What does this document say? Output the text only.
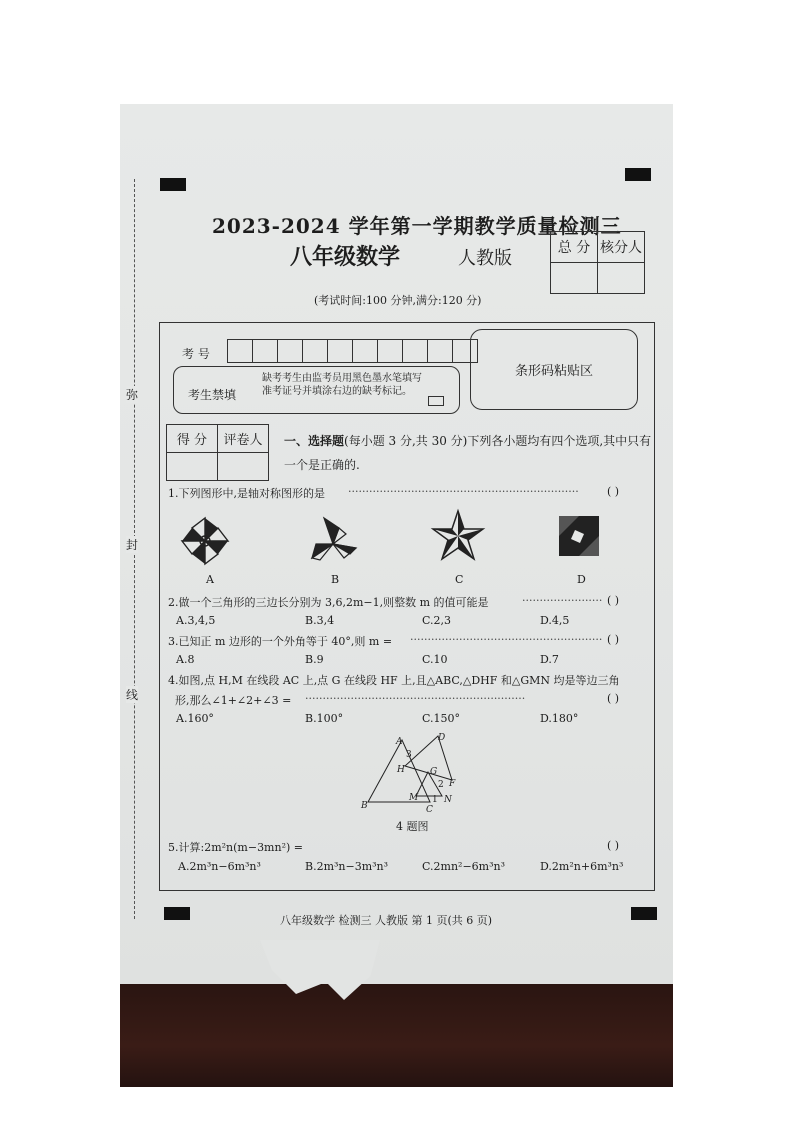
弥
封
线
2023-2024 学年第一学期教学质量检测三
八年级数学	人教版
(考试时间:100 分钟,满分:120 分)
总 分	核分人

考 号
条形码粘贴区
考生禁填
缺考考生由监考员用黑色墨水笔填写准考证号并填涂右边的缺考标记。
得 分	评卷人
	一、选择题(每小题 3 分,共 30 分)下列各小题均有四个选项,其中只有一个是正确的.
1.下列图形中,是轴对称图形的是 ··································································	( )
A	B	C	D
2.做一个三角形的三边长分别为 3,6,2m−1,则整数 m 的值可能是	······················· ( )
A.3,4,5	B.3,4	C.2,3	D.4,5
3.已知正 m 边形的一个外角等于 40°,则 m = ······················································· ( )
A.8	B.9	C.10	D.7
4.如图,点 H,M 在线段 AC 上,点 G 在线段 HF 上,且△ABC,△DHF 和△GMN 均是等边三角
形,那么∠1+∠2+∠3 = ·······························································	( )
A.160°	B.100°	C.150°	D.180°
A	D
H	G
F
B
M	N
C
3
2
1
4 题图
5.计算:2m²n(m−3mn²) =	( )
A.2m³n−6m³n³	B.2m³n−3m³n³	C.2mn²−6m³n³	D.2m²n+6m³n³
八年级数学 检测三 人教版 第 1 页(共 6 页)
